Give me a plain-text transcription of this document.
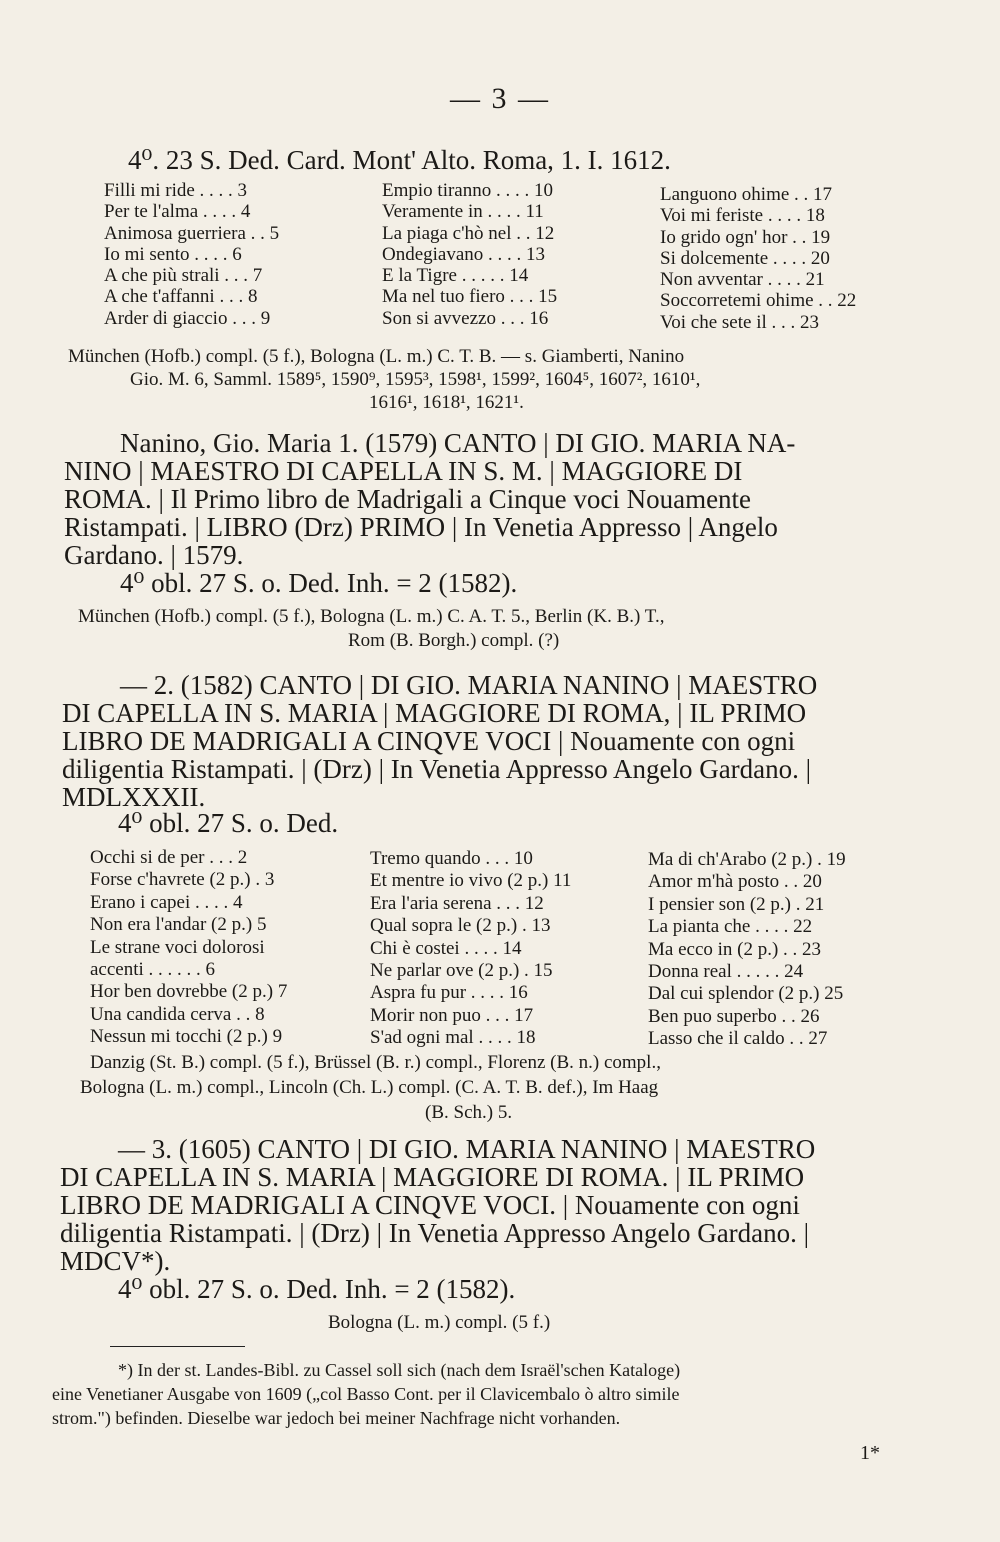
— 3 —
4⁰. 23 S. Ded. Card. Mont' Alto. Roma, 1. I. 1612.
Filli mi ride . . . . 3
Per te l'alma . . . . 4
Animosa guerriera . . 5
Io mi sento . . . . 6
A che più strali . . . 7
A che t'affanni . . . 8
Arder di giaccio . . . 9
Empio tiranno . . . . 10
Veramente in . . . . 11
La piaga c'hò nel . . 12
Ondegiavano . . . . 13
E la Tigre . . . . . 14
Ma nel tuo fiero . . . 15
Son si avvezzo . . . 16
Languono ohime . . 17
Voi mi feriste . . . . 18
Io grido ogn' hor . . 19
Si dolcemente . . . . 20
Non avventar . . . . 21
Soccorretemi ohime . . 22
Voi che sete il . . . 23
München (Hofb.) compl. (5 f.), Bologna (L. m.) C. T. B. — s. Giamberti, Nanino
Gio. M. 6, Samml. 1589⁵, 1590⁹, 1595³, 1598¹, 1599², 1604⁵, 1607², 1610¹,
1616¹, 1618¹, 1621¹.
Nanino, Gio. Maria 1. (1579) CANTO | DI GIO. MARIA NA-
NINO | MAESTRO DI CAPELLA IN S. M. | MAGGIORE DI
ROMA. | Il Primo libro de Madrigali a Cinque voci Nouamente
Ristampati. | LIBRO (Drz) PRIMO | In Venetia Appresso | Angelo
Gardano. | 1579.
4⁰ obl. 27 S. o. Ded. Inh. = 2 (1582).
München (Hofb.) compl. (5 f.), Bologna (L. m.) C. A. T. 5., Berlin (K. B.) T.,
Rom (B. Borgh.) compl. (?)
— 2. (1582) CANTO | DI GIO. MARIA NANINO | MAESTRO
DI CAPELLA IN S. MARIA | MAGGIORE DI ROMA, | IL PRIMO
LIBRO DE MADRIGALI A CINQVE VOCI | Nouamente con ogni
diligentia Ristampati. | (Drz) | In Venetia Appresso Angelo Gardano. |
MDLXXXII.
4⁰ obl. 27 S. o. Ded.
Occhi si de per . . . 2
Forse c'havrete (2 p.) . 3
Erano i capei . . . . 4
Non era l'andar (2 p.) 5
Le strane voci dolorosi
accenti . . . . . . 6
Hor ben dovrebbe (2 p.) 7
Una candida cerva . . 8
Nessun mi tocchi (2 p.) 9
Tremo quando . . . 10
Et mentre io vivo (2 p.) 11
Era l'aria serena . . . 12
Qual sopra le (2 p.) . 13
Chi è costei . . . . 14
Ne parlar ove (2 p.) . 15
Aspra fu pur . . . . 16
Morir non puo . . . 17
S'ad ogni mal . . . . 18
Ma di ch'Arabo (2 p.) . 19
Amor m'hà posto . . 20
I pensier son (2 p.) . 21
La pianta che . . . . 22
Ma ecco in (2 p.) . . 23
Donna real . . . . . 24
Dal cui splendor (2 p.) 25
Ben puo superbo . . 26
Lasso che il caldo . . 27
Danzig (St. B.) compl. (5 f.), Brüssel (B. r.) compl., Florenz (B. n.) compl.,
Bologna (L. m.) compl., Lincoln (Ch. L.) compl. (C. A. T. B. def.), Im Haag
(B. Sch.) 5.
— 3. (1605) CANTO | DI GIO. MARIA NANINO | MAESTRO
DI CAPELLA IN S. MARIA | MAGGIORE DI ROMA. | IL PRIMO
LIBRO DE MADRIGALI A CINQVE VOCI. | Nouamente con ogni
diligentia Ristampati. | (Drz) | In Venetia Appresso Angelo Gardano. |
MDCV*).
4⁰ obl. 27 S. o. Ded. Inh. = 2 (1582).
Bologna (L. m.) compl. (5 f.)
*) In der st. Landes-Bibl. zu Cassel soll sich (nach dem Israël'schen Kataloge)
eine Venetianer Ausgabe von 1609 („col Basso Cont. per il Clavicembalo ò altro simile
strom.") befinden. Dieselbe war jedoch bei meiner Nachfrage nicht vorhanden.
1*
